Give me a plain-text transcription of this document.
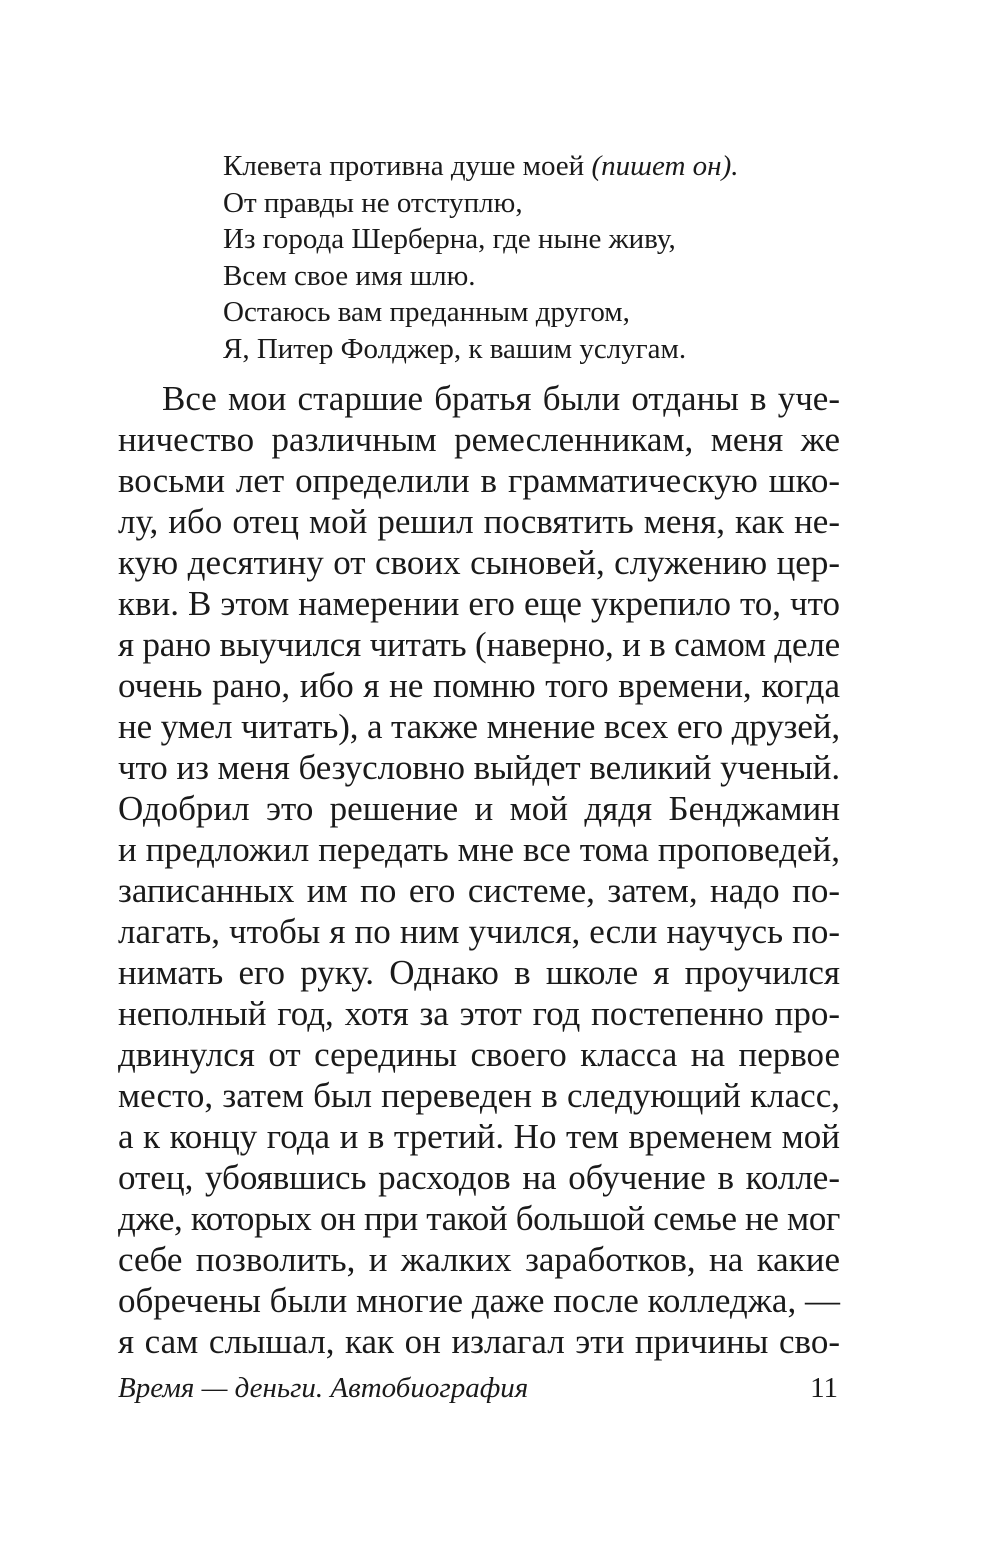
Клевета противна душе моей (пишет он).
От правды не отступлю,
Из города Шерберна, где ныне живу,
Всем свое имя шлю.
Остаюсь вам преданным другом,
Я, Питер Фолджер, к вашим услугам.
Все мои старшие братья были отданы в уче-
ничество различным ремесленникам, меня же
восьми лет определили в грамматическую шко-
лу, ибо отец мой решил посвятить меня, как не-
кую десятину от своих сыновей, служению цер-
кви. В этом намерении его еще укрепило то, что
я рано выучился читать (наверно, и в самом деле
очень рано, ибо я не помню того времени, когда
не умел читать), а также мнение всех его друзей,
что из меня безусловно выйдет великий ученый.
Одобрил это решение и мой дядя Бенджамин
и предложил передать мне все тома проповедей,
записанных им по его системе, затем, надо по-
лагать, чтобы я по ним учился, если научусь по-
нимать его руку. Однако в школе я проучился
неполный год, хотя за этот год постепенно про-
двинулся от середины своего класса на первое
место, затем был переведен в следующий класс,
а к концу года и в третий. Но тем временем мой
отец, убоявшись расходов на обучение в колле-
дже, которых он при такой большой семье не мог
себе позволить, и жалких заработков, на какие
обречены были многие даже после колледжа, —
я сам слышал, как он излагал эти причины сво-
Время — деньги. Автобиография	11
